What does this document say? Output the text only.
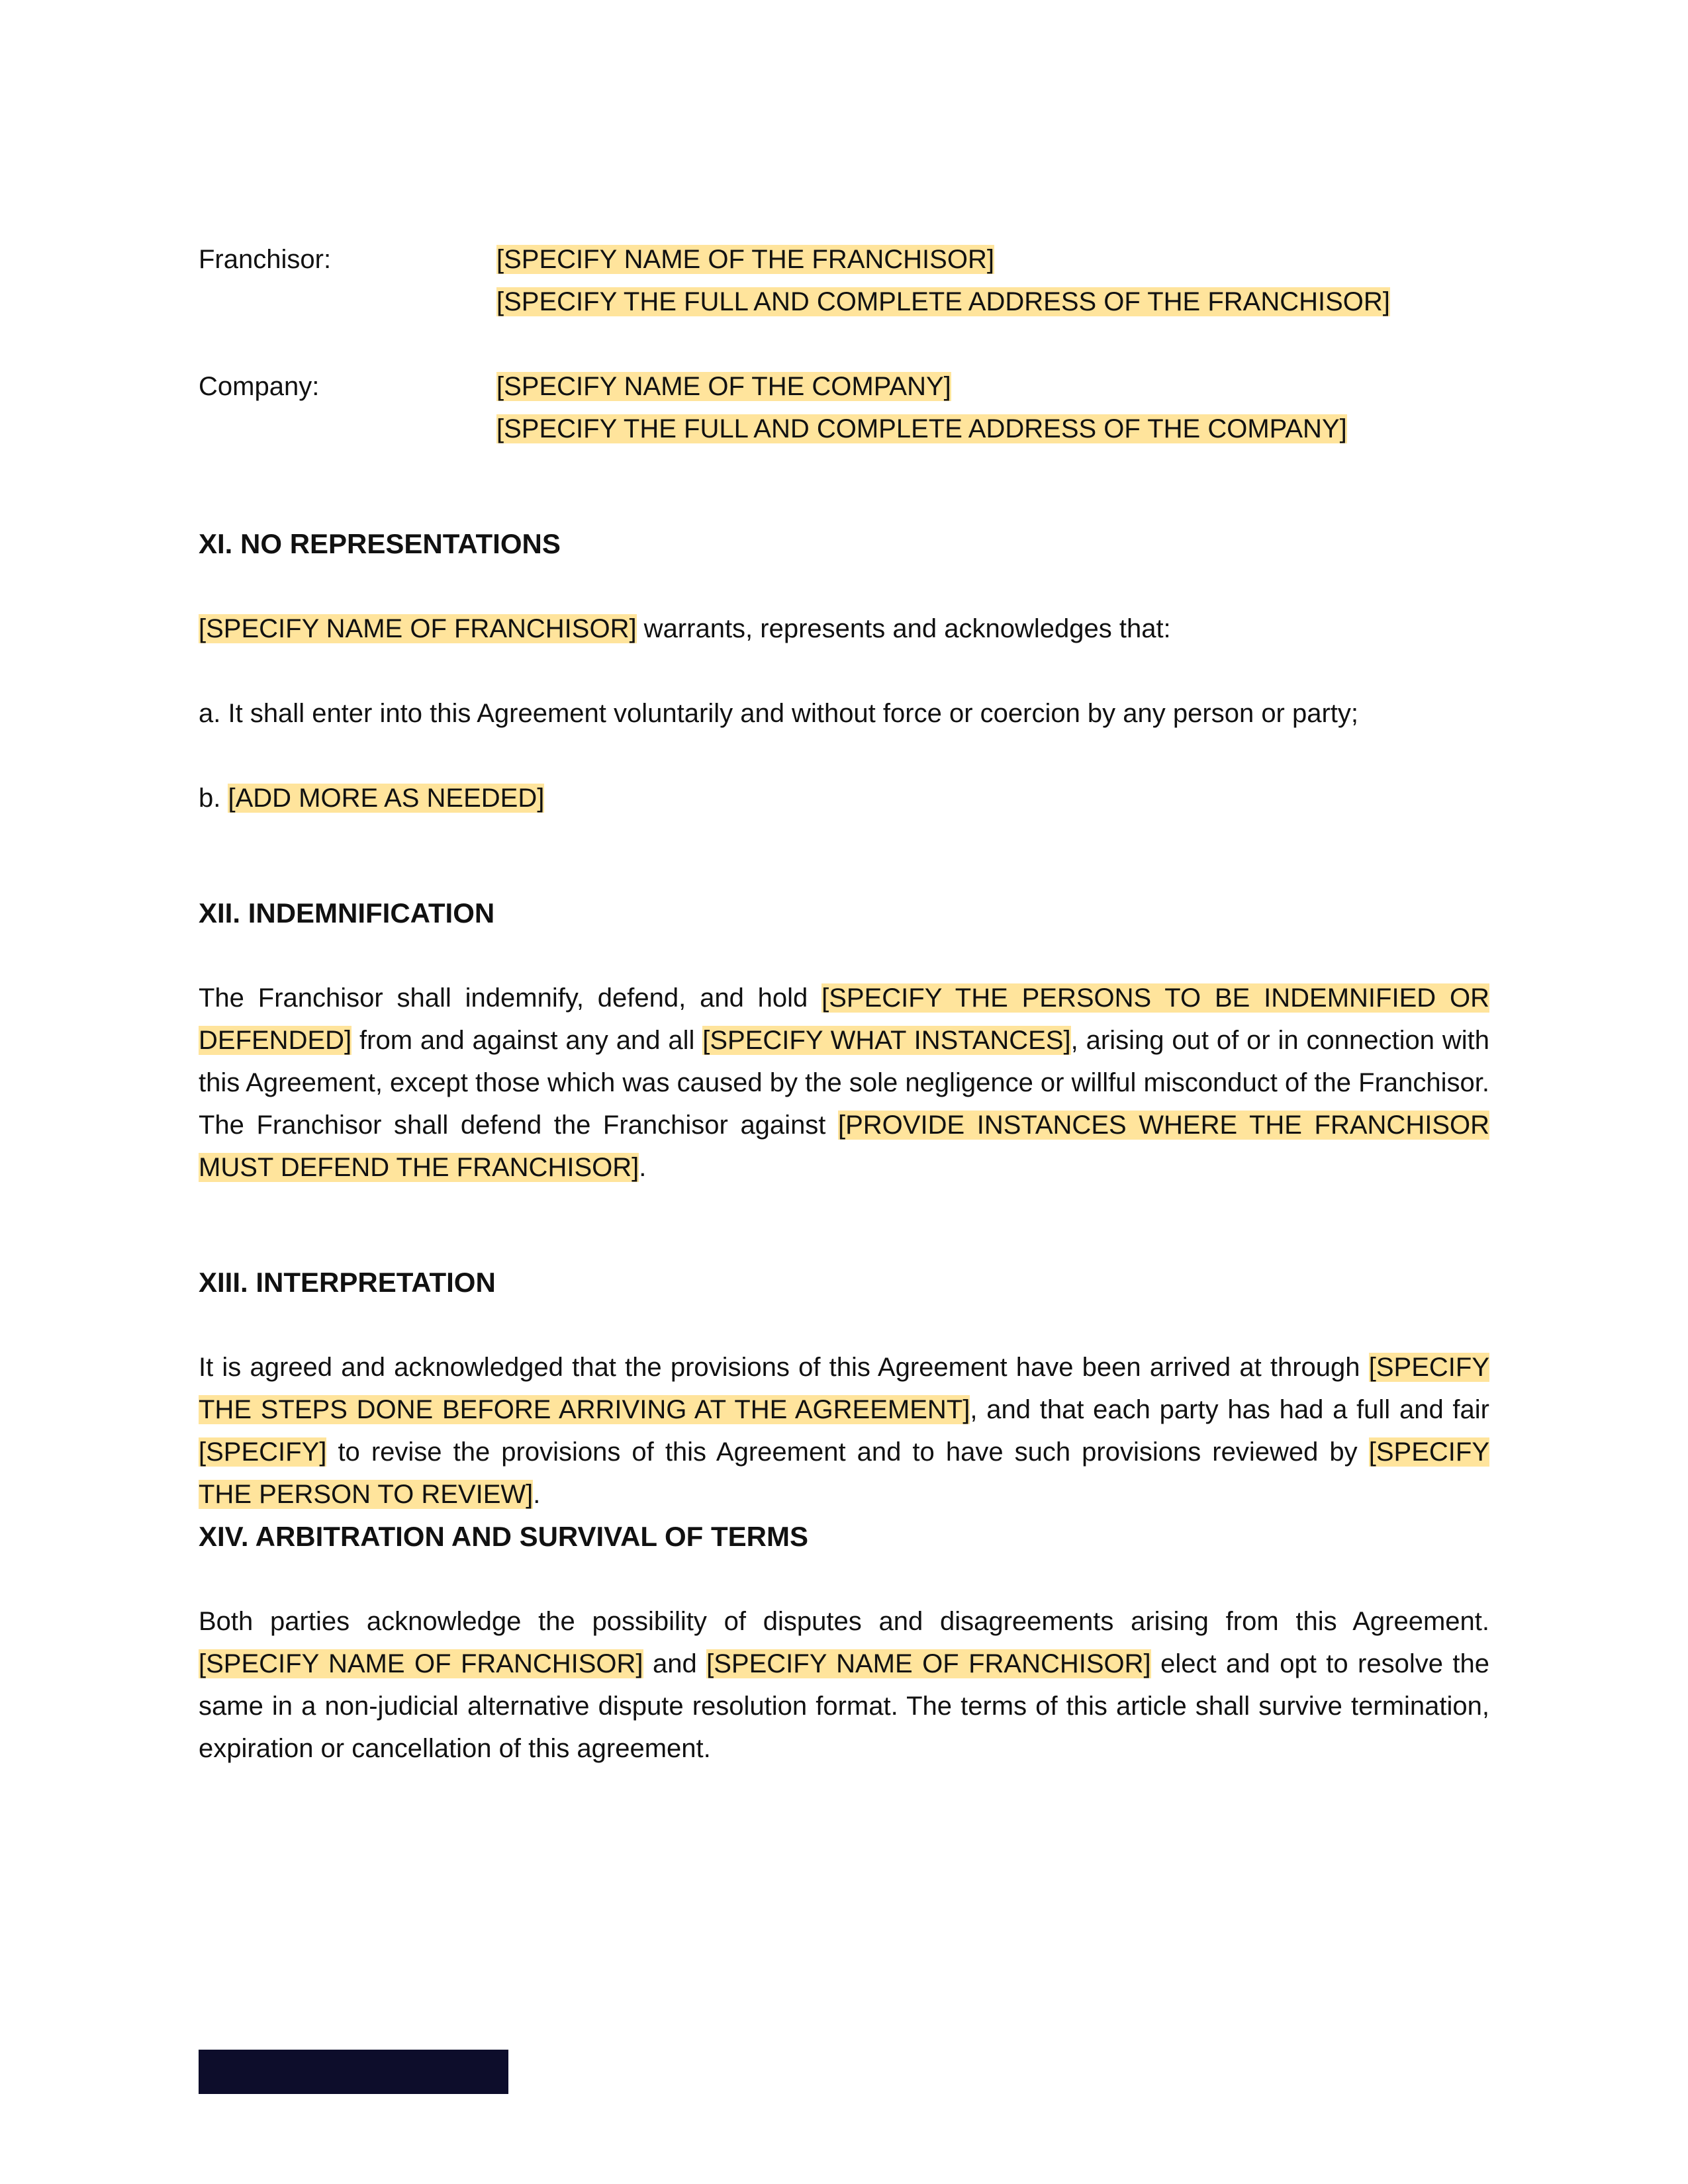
Franchisor:	[SPECIFY NAME OF THE FRANCHISOR]
[SPECIFY THE FULL AND COMPLETE ADDRESS OF THE FRANCHISOR]
Company:	[SPECIFY NAME OF THE COMPANY]
[SPECIFY THE FULL AND COMPLETE ADDRESS OF THE COMPANY]
XI. NO REPRESENTATIONS

[SPECIFY NAME OF FRANCHISOR] warrants, represents and acknowledges that:

a. It shall enter into this Agreement voluntarily and without force or coercion by any person or party;

b. [ADD MORE AS NEEDED]

XII. INDEMNIFICATION

The Franchisor shall indemnify, defend, and hold [SPECIFY THE PERSONS TO BE INDEMNIFIED OR DEFENDED] from and against any and all [SPECIFY WHAT INSTANCES], arising out of or in connection with this Agreement, except those which was caused by the sole negligence or willful misconduct of the Franchisor. The Franchisor shall defend the Franchisor against [PROVIDE INSTANCES WHERE THE FRANCHISOR MUST DEFEND THE FRANCHISOR].

XIII. INTERPRETATION

It is agreed and acknowledged that the provisions of this Agreement have been arrived at through [SPECIFY THE STEPS DONE BEFORE ARRIVING AT THE AGREEMENT], and that each party has had a full and fair [SPECIFY] to revise the provisions of this Agreement and to have such provisions reviewed by [SPECIFY THE PERSON TO REVIEW].

XIV. ARBITRATION AND SURVIVAL OF TERMS

Both parties acknowledge the possibility of disputes and disagreements arising from this Agreement. [SPECIFY NAME OF FRANCHISOR] and [SPECIFY NAME OF FRANCHISOR] elect and opt to resolve the same in a non-judicial alternative dispute resolution format. The terms of this article shall survive termination, expiration or cancellation of this agreement.
